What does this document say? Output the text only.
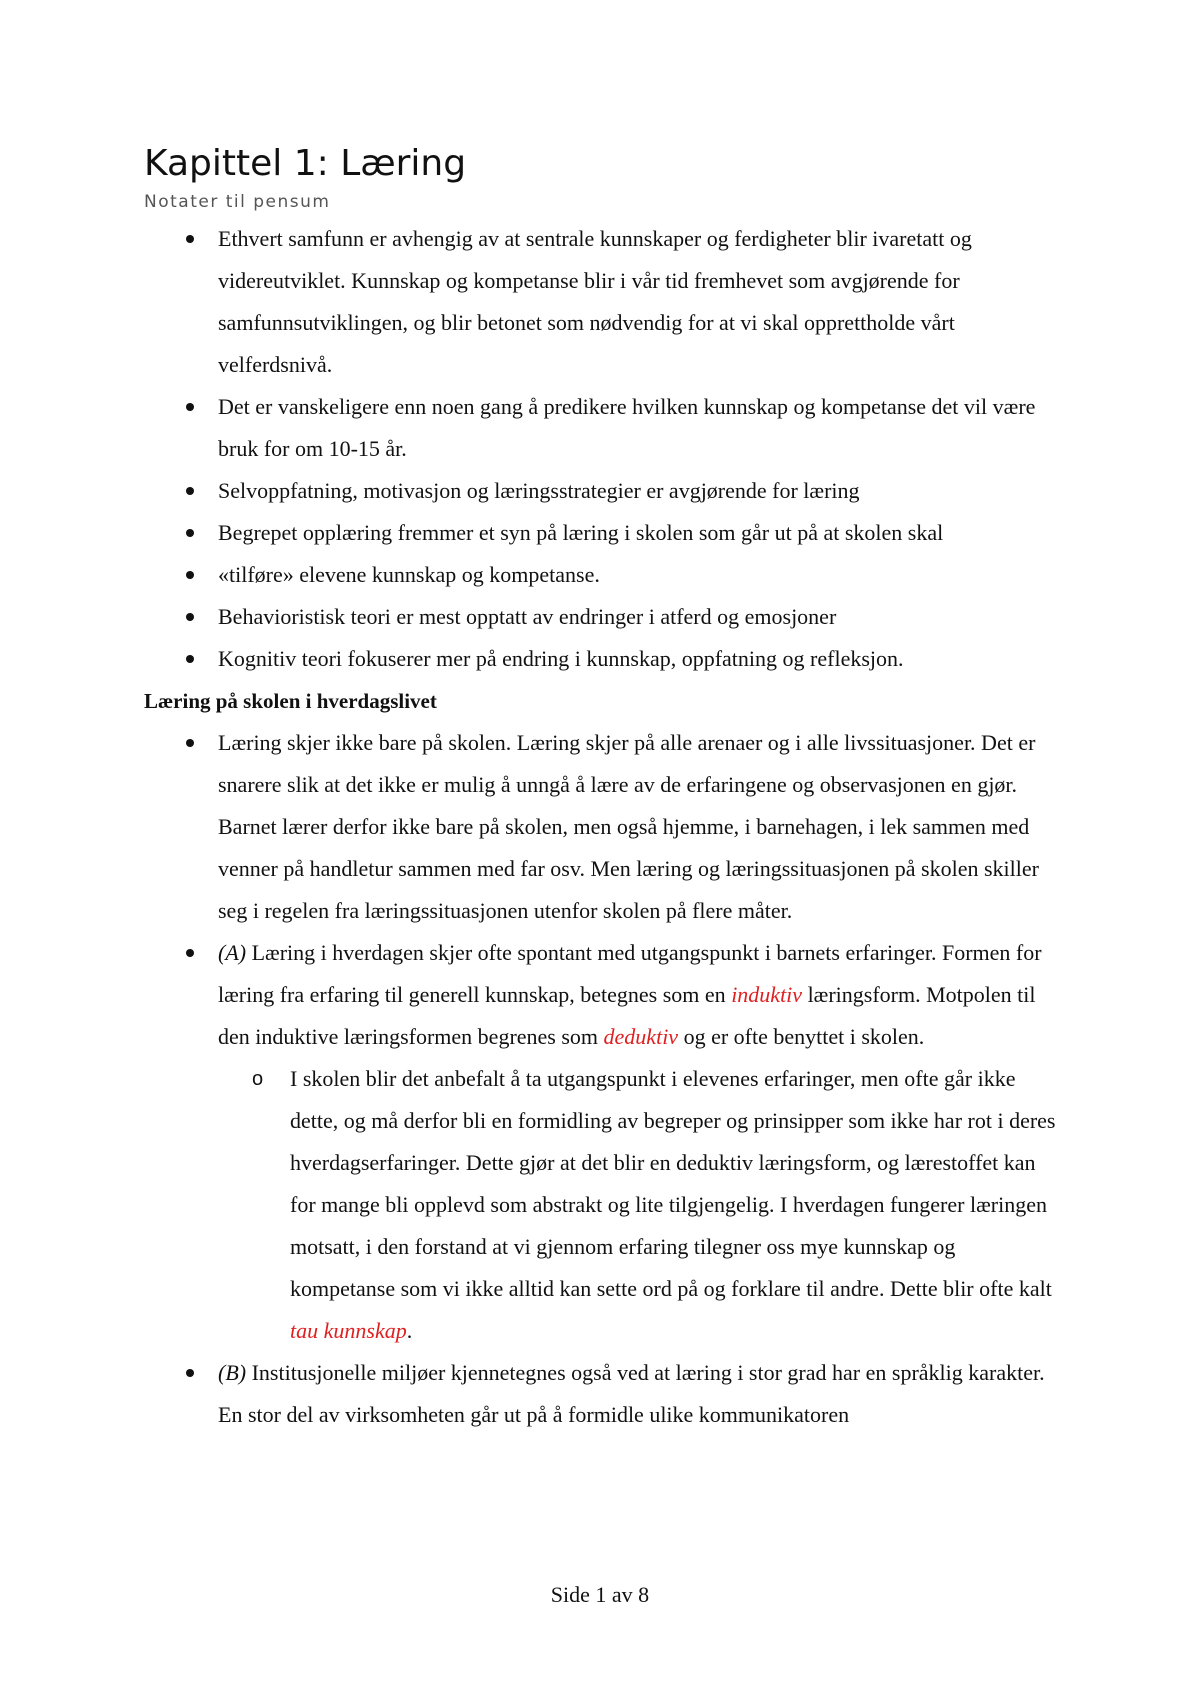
Kapittel 1: Læring

Notater til pensum

Ethvert samfunn er avhengig av at sentrale kunnskaper og ferdigheter blir ivaretatt og videreutviklet. Kunnskap og kompetanse blir i vår tid fremhevet som avgjørende for samfunnsutviklingen, og blir betonet som nødvendig for at vi skal opprettholde vårt velferdsnivå.
Det er vanskeligere enn noen gang å predikere hvilken kunnskap og kompetanse det vil være bruk for om 10-15 år.
Selvoppfatning, motivasjon og læringsstrategier er avgjørende for læring
Begrepet opplæring fremmer et syn på læring i skolen som går ut på at skolen skal
«tilføre» elevene kunnskap og kompetanse.
Behavioristisk teori er mest opptatt av endringer i atferd og emosjoner
Kognitiv teori fokuserer mer på endring i kunnskap, oppfatning og refleksjon.

Læring på skolen i hverdagslivet

Læring skjer ikke bare på skolen. Læring skjer på alle arenaer og i alle livssituasjoner. Det er snarere slik at det ikke er mulig å unngå å lære av de erfaringene og observasjonen en gjør. Barnet lærer derfor ikke bare på skolen, men også hjemme, i barnehagen, i lek sammen med venner på handletur sammen med far osv. Men læring og læringssituasjonen på skolen skiller seg i regelen fra læringssituasjonen utenfor skolen på flere måter.
(A) Læring i hverdagen skjer ofte spontant med utgangspunkt i barnets erfaringer. Formen for læring fra erfaring til generell kunnskap, betegnes som en induktiv læringsform. Motpolen til den induktive læringsformen begrenes som deduktiv og er ofte benyttet i skolen.
o I skolen blir det anbefalt å ta utgangspunkt i elevenes erfaringer, men ofte går ikke dette, og må derfor bli en formidling av begreper og prinsipper som ikke har rot i deres hverdagserfaringer. Dette gjør at det blir en deduktiv læringsform, og lærestoffet kan for mange bli opplevd som abstrakt og lite tilgjengelig. I hverdagen fungerer læringen motsatt, i den forstand at vi gjennom erfaring tilegner oss mye kunnskap og kompetanse som vi ikke alltid kan sette ord på og forklare til andre. Dette blir ofte kalt tau kunnskap.
(B) Institusjonelle miljøer kjennetegnes også ved at læring i stor grad har en språklig karakter. En stor del av virksomheten går ut på å formidle ulike kommunikatoren
Side 1 av 8
